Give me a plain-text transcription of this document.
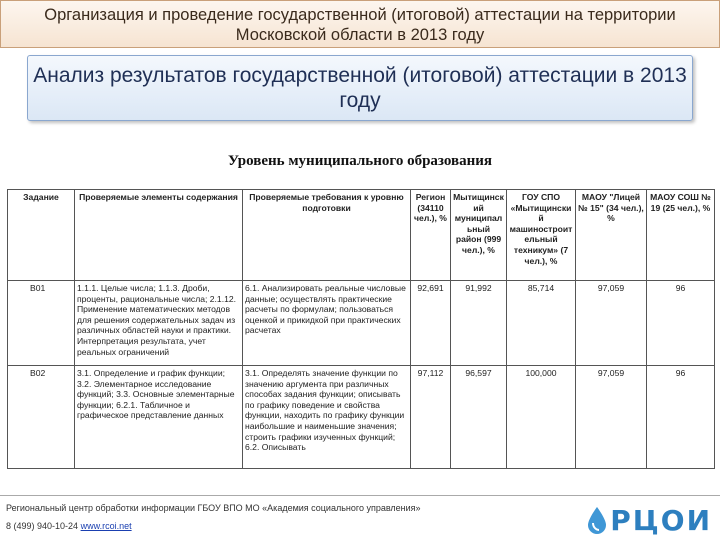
Организация и проведение государственной (итоговой) аттестации на территории Московской области в 2013 году
Анализ результатов государственной (итоговой) аттестации в 2013 году
Уровень муниципального образования
Задание	Проверяемые элементы содержания	Проверяемые требования к уровню подготовки	Регион (34110 чел.), %	Мытищинский муниципальный район (999 чел.), %	ГОУ СПО «Мытищинский машиностроительный техникум» (7 чел.), %	МАОУ "Лицей № 15" (34 чел.), %	МАОУ СОШ № 19 (25 чел.), %
B01	1.1.1. Целые числа; 1.1.3. Дроби, проценты, рациональные числа; 2.1.12. Применение математических методов для решения содержательных задач из различных областей науки и практики. Интерпретация результата, учет реальных ограничений	6.1. Анализировать реальные числовые данные; осуществлять практические расчеты по формулам; пользоваться оценкой и прикидкой при практических расчетах	92,691	91,992	85,714	97,059	96
B02	3.1. Определение и график функции; 3.2. Элементарное исследование функций; 3.3. Основные элементарные функции; 6.2.1. Табличное и графическое представление данных	3.1. Определять значение функции по значению аргумента при различных способах задания функции; описывать по графику поведение и свойства функции, находить по графику функции наибольшие и наименьшие значения; строить графики изученных функций; 6.2. Описывать	97,112	96,597	100,000	97,059	96
Региональный центр обработки информации ГБОУ ВПО МО «Академия социального управления»
8 (499) 940-10-24 www.rcoi.net	РЦОИ
